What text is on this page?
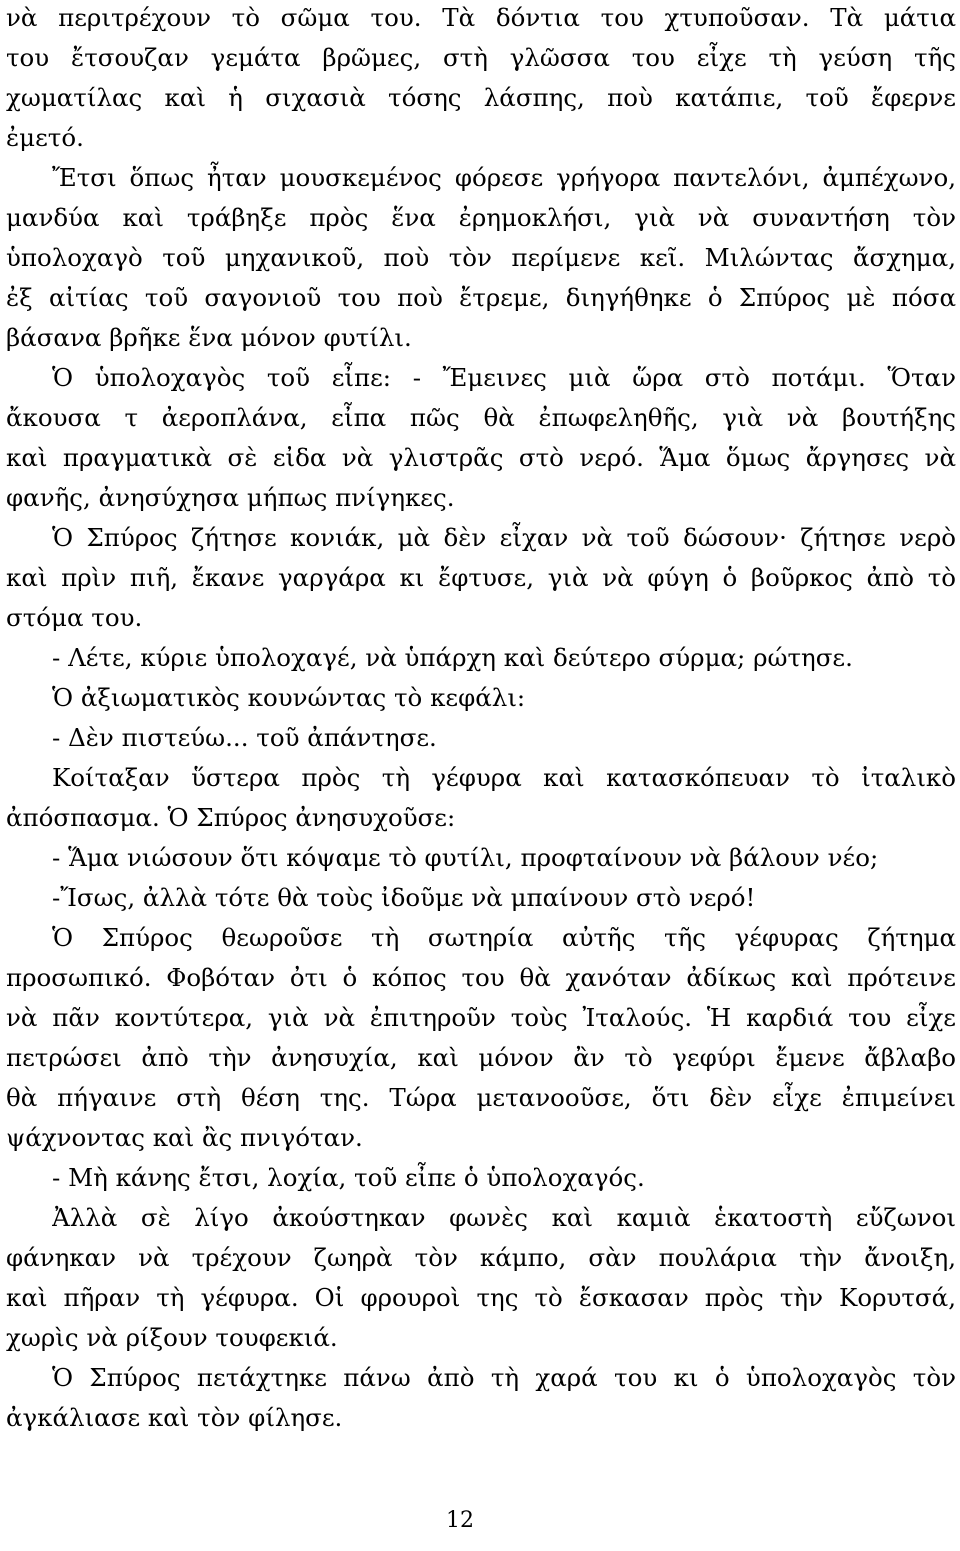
νὰ περιτρέχουν τὸ σῶμα του. Τὰ δόντια του χτυποῦσαν. Τὰ μάτια
του ἔτσουζαν γεμάτα βρῶμες, στὴ γλῶσσα του εἶχε τὴ γεύση τῆς
χωματίλας καὶ ἡ σιχασιὰ τόσης λάσπης, ποὺ κατάπιε, τοῦ ἔφερνε
ἐμετό.
Ἔτσι ὅπως ἦταν μουσκεμένος φόρεσε γρήγορα παντελόνι, ἀμπέχωνο,
μανδύα καὶ τράβηξε πρὸς ἕνα ἐρημοκλήσι, γιὰ νὰ συναντήση τὸν
ὑπολοχαγὸ τοῦ μηχανικοῦ, ποὺ τὸν περίμενε κεῖ. Μιλώντας ἄσχημα,
ἐξ αἰτίας τοῦ σαγονιοῦ του ποὺ ἔτρεμε, διηγήθηκε ὁ Σπύρος μὲ πόσα
βάσανα βρῆκε ἕνα μόνον φυτίλι.
Ὁ ὑπολοχαγὸς τοῦ εἶπε: - Ἔμεινες μιὰ ὥρα στὸ ποτάμι. Ὅταν
ἄκουσα τ ἀεροπλάνα, εἶπα πῶς θὰ ἐπωφεληθῆς, γιὰ νὰ βουτήξης
καὶ πραγματικὰ σὲ εἰδα νὰ γλιστρᾶς στὸ νερό. Ἅμα ὅμως ἄργησες νὰ
φανῆς, ἀνησύχησα μήπως πνίγηκες.
Ὁ Σπύρος ζήτησε κονιάκ, μὰ δὲν εἶχαν νὰ τοῦ δώσουν· ζήτησε νερὸ
καὶ πρὶν πιῆ, ἔκανε γαργάρα κι ἔφτυσε, γιὰ νὰ φύγη ὁ βοῦρκος ἀπὸ τὸ
στόμα του.
- Λέτε, κύριε ὑπολοχαγέ, νὰ ὑπάρχη καὶ δεύτερο σύρμα; ρώτησε.
Ὁ ἀξιωματικὸς κουνώντας τὸ κεφάλι:
- Δὲν πιστεύω... τοῦ ἀπάντησε.
Κοίταξαν ὕστερα πρὸς τὴ γέφυρα καὶ κατασκόπευαν τὸ ἰταλικὸ
ἀπόσπασμα. Ὁ Σπύρος ἀνησυχοῦσε:
- Ἅμα νιώσουν ὅτι κόψαμε τὸ φυτίλι, προφταίνουν νὰ βάλουν νέο;
-Ἴσως, ἀλλὰ τότε θὰ τοὺς ἰδοῦμε νὰ μπαίνουν στὸ νερό!
Ὁ Σπύρος θεωροῦσε τὴ σωτηρία αὐτῆς τῆς γέφυρας ζήτημα
προσωπικό. Φοβόταν ὀτι ὁ κόπος του θὰ χανόταν ἀδίκως καὶ πρότεινε
νὰ πᾶν κοντύτερα, γιὰ νὰ ἐπιτηροῦν τοὺς Ἰταλούς. Ἡ καρδιά του εἶχε
πετρώσει ἀπὸ τὴν ἀνησυχία, καὶ μόνον ἂν τὸ γεφύρι ἔμενε ἄβλαβο
θὰ πήγαινε στὴ θέση της. Τώρα μετανοοῦσε, ὅτι δὲν εἶχε ἐπιμείνει
ψάχνοντας καὶ ἂς πνιγόταν.
- Μὴ κάνης ἔτσι, λοχία, τοῦ εἶπε ὁ ὑπολοχαγός.
Ἀλλὰ σὲ λίγο ἀκούστηκαν φωνὲς καὶ καμιὰ ἑκατοστὴ εὔζωνοι
φάνηκαν νὰ τρέχουν ζωηρὰ τὸν κάμπο, σὰν πουλάρια τὴν ἄνοιξη,
καὶ πῆραν τὴ γέφυρα. Οἱ φρουροὶ της τὸ ἔσκασαν πρὸς τὴν Κορυτσά,
χωρὶς νὰ ρίξουν τουφεκιά.
Ὁ Σπύρος πετάχτηκε πάνω ἀπὸ τὴ χαρά του κι ὁ ὑπολοχαγὸς τὸν
ἀγκάλιασε καὶ τὸν φίλησε.
12
